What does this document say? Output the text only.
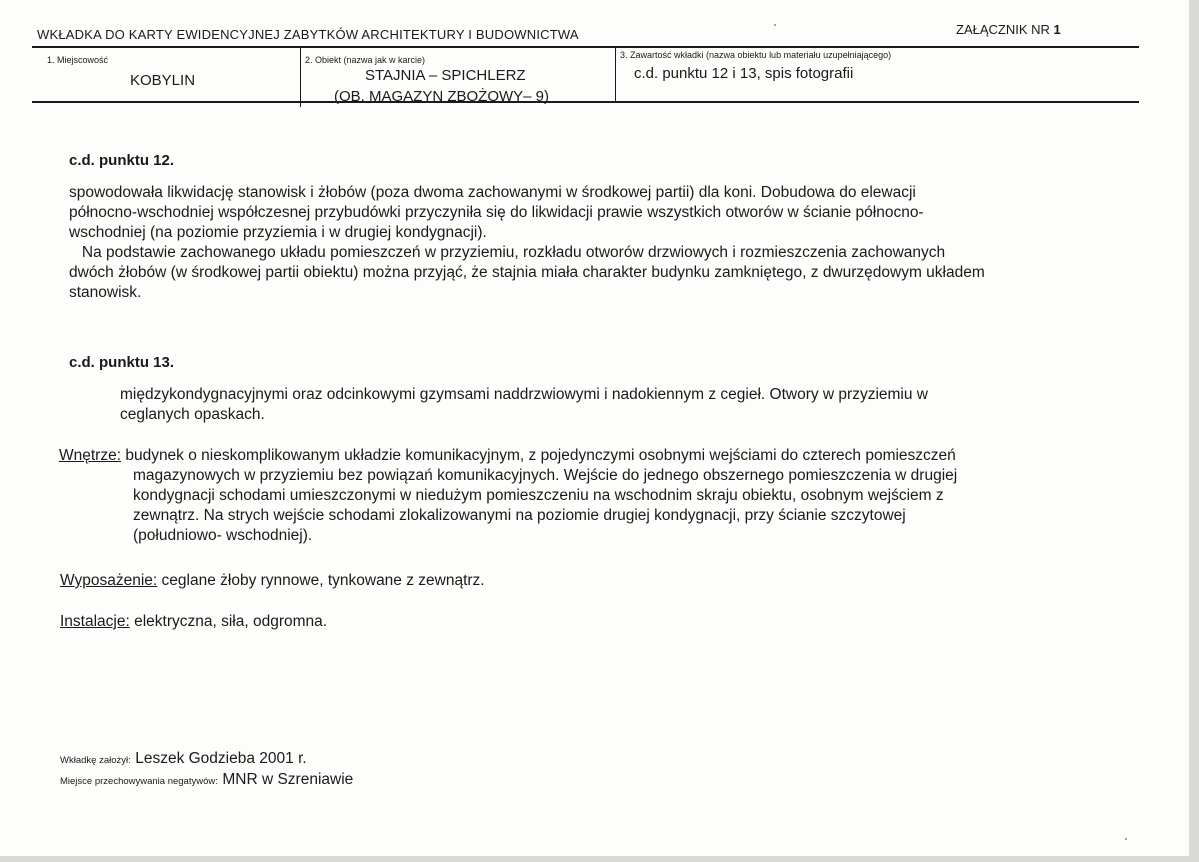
WKŁADKA DO KARTY EWIDENCYJNEJ ZABYTKÓW ARCHITEKTURY I BUDOWNICTWA	ZAŁĄCZNIK NR 1
1. Miejscowość
KOBYLIN
2. Obiekt (nazwa jak w karcie)
STAJNIA – SPICHLERZ
(OB. MAGAZYN ZBOŻOWY– 9)
3. Zawartość wkładki (nazwa obiektu lub materiału uzupełniającego)
c.d. punktu 12 i 13, spis fotografii
c.d. punktu 12.
spowodowała likwidację stanowisk i żłobów (poza dwoma zachowanymi w środkowej partii) dla koni. Dobudowa do elewacji
północno-wschodniej współczesnej przybudówki przyczyniła się do likwidacji prawie wszystkich otworów w ścianie północno-
wschodniej (na poziomie przyziemia i w drugiej kondygnacji).
Na podstawie zachowanego układu pomieszczeń w przyziemiu, rozkładu otworów drzwiowych i rozmieszczenia zachowanych
dwóch żłobów (w środkowej partii obiektu) można przyjąć, że stajnia miała charakter budynku zamkniętego, z dwurzędowym układem
stanowisk.
c.d. punktu 13.
międzykondygnacyjnymi oraz odcinkowymi gzymsami naddrzwiowymi i nadokiennym z cegieł. Otwory w przyziemiu w
ceglanych opaskach.
Wnętrze: budynek o nieskomplikowanym układzie komunikacyjnym, z pojedynczymi osobnymi wejściami do czterech pomieszczeń
magazynowych w przyziemiu bez powiązań komunikacyjnych. Wejście do jednego obszernego pomieszczenia w drugiej
kondygnacji schodami umieszczonymi w niedużym pomieszczeniu na wschodnim skraju obiektu, osobnym wejściem z
zewnątrz. Na strych wejście schodami zlokalizowanymi na poziomie drugiej kondygnacji, przy ścianie szczytowej
(południowo- wschodniej).
Wyposażenie: ceglane żłoby rynnowe, tynkowane z zewnątrz.
Instalacje: elektryczna, siła, odgromna.
Wkładkę założył: Leszek Godzieba 2001 r.
Miejsce przechowywania negatywów: MNR w Szreniawie
